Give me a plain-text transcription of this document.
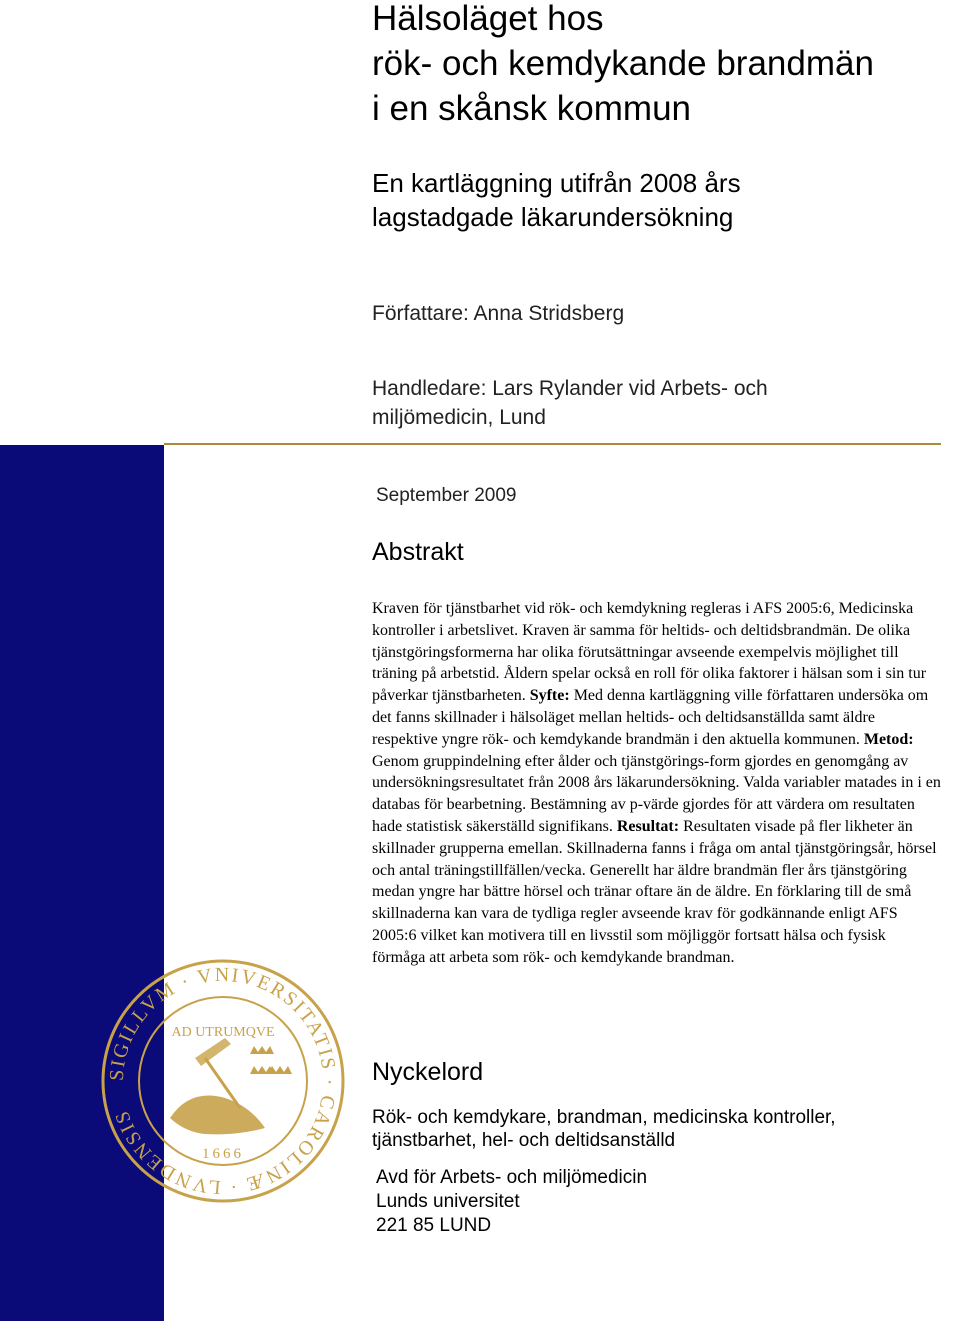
SIGILLVM · VNIVERSITATIS · CAROLINÆ · LVNDENSIS
AD UTRUMQVE
1666
Hälsoläget hos
rök- och kemdykande brandmän
i en skånsk kommun
En kartläggning utifrån 2008 års
lagstadgade läkarundersökning
Författare: Anna Stridsberg
Handledare: Lars Rylander vid Arbets- och miljömedicin, Lund
September 2009
Abstrakt

Kraven för tjänstbarhet vid rök- och kemdykning regleras i AFS 2005:6, Medicinska kontroller i arbetslivet. Kraven är samma för heltids- och deltidsbrandmän. De olika tjänstgöringsformerna har olika förutsättningar avseende exempelvis möjlighet till träning på arbetstid. Åldern spelar också en roll för olika faktorer i hälsan som i sin tur påverkar tjänstbarheten. Syfte: Med denna kartläggning ville författaren undersöka om det fanns skillnader i hälsoläget mellan heltids- och deltidsanställda samt äldre respektive yngre rök- och kemdykande brandmän i den aktuella kommunen. Metod: Genom gruppindelning efter ålder och tjänstgörings-form gjordes en genomgång av undersökningsresultatet från 2008 års läkarundersökning. Valda variabler matades in i en databas för bearbetning. Bestämning av p-värde gjordes för att värdera om resultaten hade statistisk säkerställd signifikans. Resultat: Resultaten visade på fler likheter än skillnader grupperna emellan. Skillnaderna fanns i fråga om antal tjänstgöringsår, hörsel och antal träningstillfällen/vecka. Generellt har äldre brandmän fler års tjänstgöring medan yngre har bättre hörsel och tränar oftare än de äldre. En förklaring till de små skillnaderna kan vara de tydliga regler avseende krav för godkännande enligt AFS 2005:6 vilket kan motivera till en livsstil som möjliggör fortsatt hälsa och fysisk förmåga att arbeta som rök- och kemdykande brandman.

Nyckelord

Rök- och kemdykare, brandman, medicinska kontroller, tjänstbarhet, hel- och deltidsanställd

Avd för Arbets- och miljömedicin
Lunds universitet
221 85 LUND
